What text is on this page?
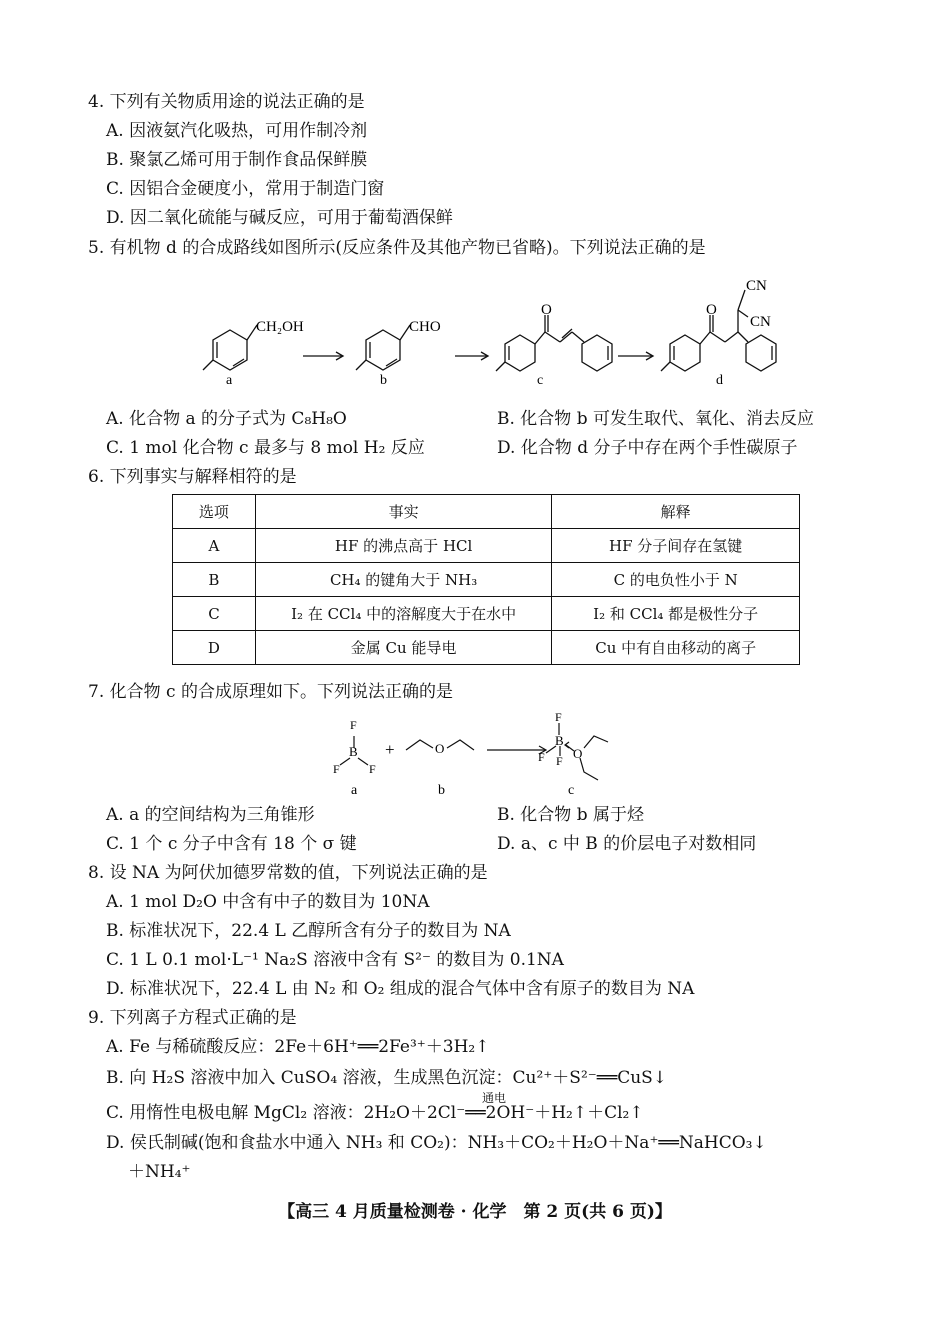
4. 下列有关物质用途的说法正确的是
A. 因液氨汽化吸热，可用作制冷剂
B. 聚氯乙烯可用于制作食品保鲜膜
C. 因铝合金硬度小，常用于制造门窗
D. 因二氧化硫能与碱反应，可用于葡萄酒保鲜
5. 有机物 d 的合成路线如图所示(反应条件及其他产物已省略)。下列说法正确的是
CH₂OH	CHO
O	O
CN
CN
a	b	c	d
A. 化合物 a 的分子式为 C₈H₈O	B. 化合物 b 可发生取代、氧化、消去反应
C. 1 mol 化合物 c 最多与 8 mol H₂ 反应	D. 化合物 d 分子中存在两个手性碳原子
6. 下列事实与解释相符的是
选项	事实	解释
A	HF 的沸点高于 HCl	HF 分子间存在氢键
B	CH₄ 的键角大于 NH₃	C 的电负性小于 N
C	I₂ 在 CCl₄ 中的溶解度大于在水中	I₂ 和 CCl₄ 都是极性分子
D	金属 Cu 能导电	Cu 中有自由移动的离子
7. 化合物 c 的合成原理如下。下列说法正确的是
F
B
F F
+	O
F
B
F F O
a	b	c
A. a 的空间结构为三角锥形	B. 化合物 b 属于烃
C. 1 个 c 分子中含有 18 个 σ 键	D. a、c 中 B 的价层电子对数相同
8. 设 NA 为阿伏加德罗常数的值，下列说法正确的是
A. 1 mol D₂O 中含有中子的数目为 10NA
B. 标准状况下，22.4 L 乙醇所含有分子的数目为 NA
C. 1 L 0.1 mol·L⁻¹ Na₂S 溶液中含有 S²⁻ 的数目为 0.1NA
D. 标准状况下，22.4 L 由 N₂ 和 O₂ 组成的混合气体中含有原子的数目为 NA
9. 下列离子方程式正确的是
A. Fe 与稀硫酸反应：2Fe＋6H⁺══2Fe³⁺＋3H₂↑
B. 向 H₂S 溶液中加入 CuSO₄ 溶液，生成黑色沉淀：Cu²⁺＋S²⁻══CuS↓
通电
C. 用惰性电极电解 MgCl₂ 溶液：2H₂O＋2Cl⁻══2OH⁻＋H₂↑＋Cl₂↑
D. 侯氏制碱(饱和食盐水中通入 NH₃ 和 CO₂)：NH₃＋CO₂＋H₂O＋Na⁺══NaHCO₃↓
＋NH₄⁺
【高三 4 月质量检测卷 · 化学　第 2 页(共 6 页)】
